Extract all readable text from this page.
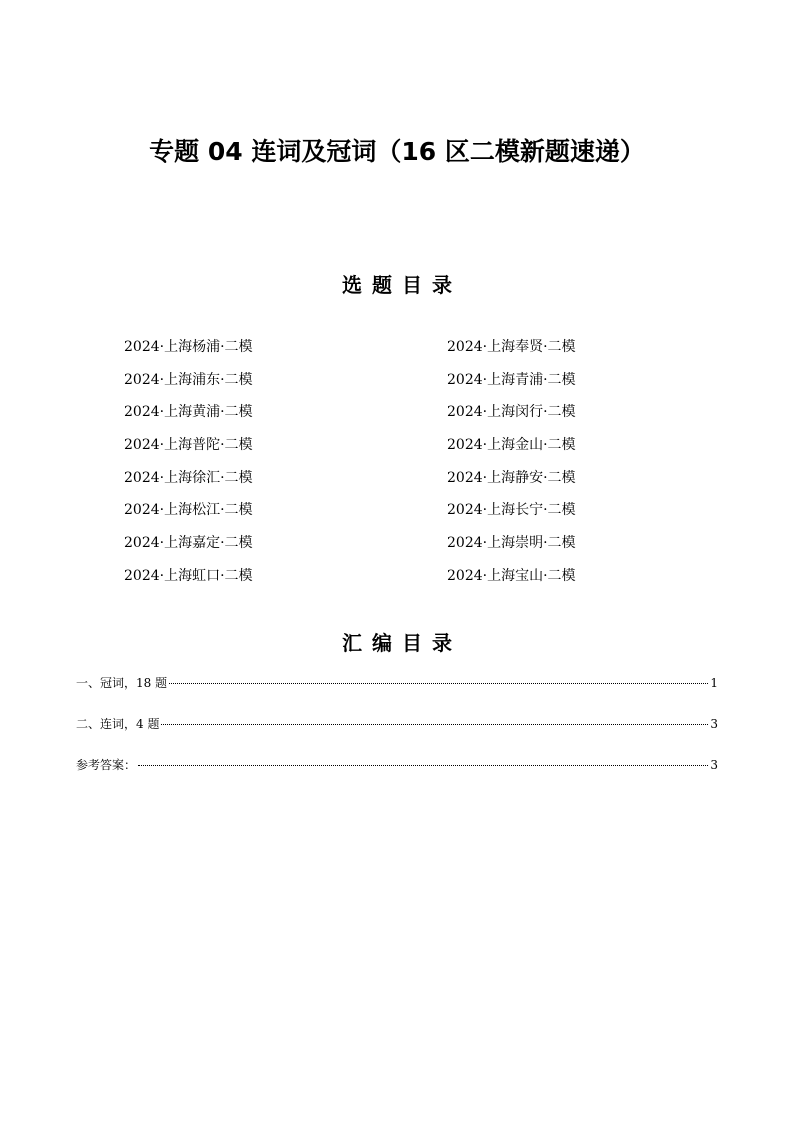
专题 04 连词及冠词（16 区二模新题速递）
选题目录
2024·上海杨浦·二模	2024·上海奉贤·二模
2024·上海浦东·二模	2024·上海青浦·二模
2024·上海黄浦·二模	2024·上海闵行·二模
2024·上海普陀·二模	2024·上海金山·二模
2024·上海徐汇·二模	2024·上海静安·二模
2024·上海松江·二模	2024·上海长宁·二模
2024·上海嘉定·二模	2024·上海崇明·二模
2024·上海虹口·二模	2024·上海宝山·二模
汇编目录
一、冠词，18 题	1
二、连词，4 题	3
参考答案：	3
